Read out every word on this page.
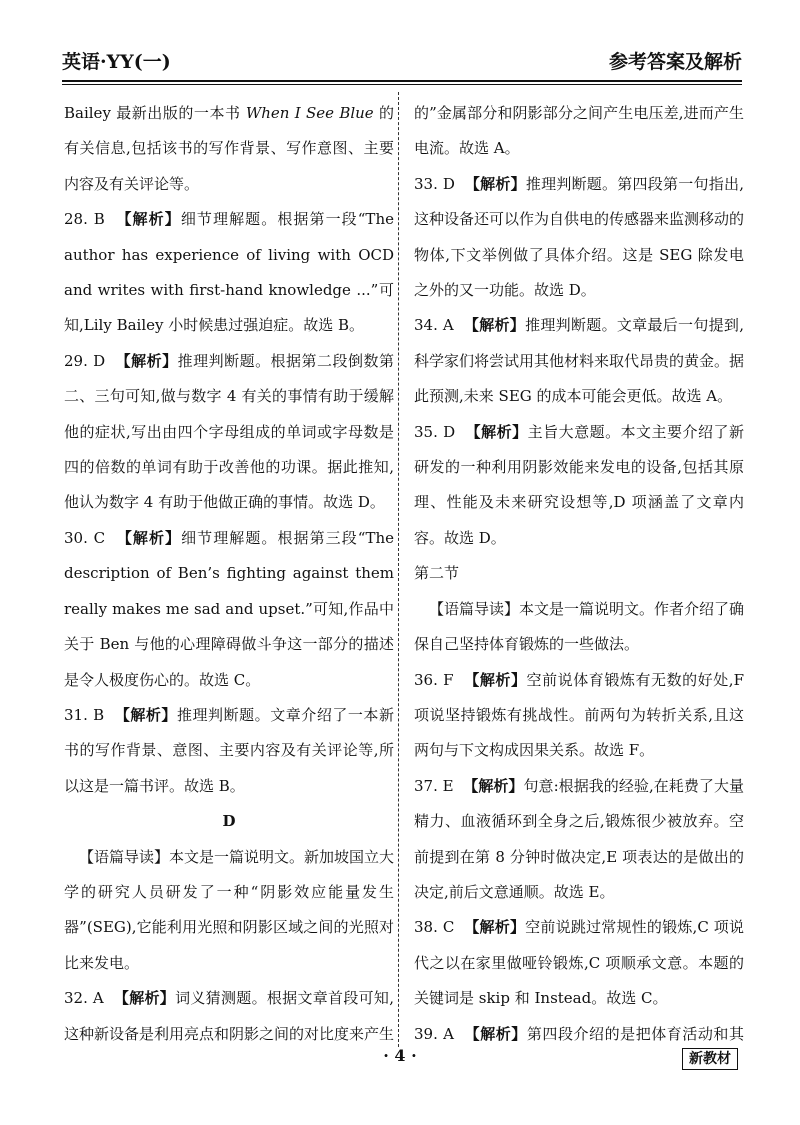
英语·YY(一)	参考答案及解析

Bailey 最新出版的一本书 When I See Blue 的有关信息,包括该书的写作背景、写作意图、主要内容及有关评论等。

28. B 【解析】细节理解题。根据第一段“The author has experience of living with OCD and writes with first-hand knowledge ...”可知,Lily Bailey 小时候患过强迫症。故选 B。

29. D 【解析】推理判断题。根据第二段倒数第二、三句可知,做与数字 4 有关的事情有助于缓解他的症状,写出由四个字母组成的单词或字母数是四的倍数的单词有助于改善他的功课。据此推知,他认为数字 4 有助于他做正确的事情。故选 D。

30. C 【解析】细节理解题。根据第三段“The description of Ben’s fighting against them really makes me sad and upset.”可知,作品中关于 Ben 与他的心理障碍做斗争这一部分的描述是令人极度伤心的。故选 C。

31. B 【解析】推理判断题。文章介绍了一本新书的写作背景、意图、主要内容及有关评论等,所以这是一篇书评。故选 B。

D

【语篇导读】本文是一篇说明文。新加坡国立大学的研究人员研发了一种“阴影效应能量发生器”(SEG),它能利用光照和阴影区域之间的光照对比来发电。

32. A 【解析】词义猜测题。根据文章首段可知,这种新设备是利用亮点和阴影之间的对比度来产生

的”金属部分和阴影部分之间产生电压差,进而产生电流。故选 A。

33. D 【解析】推理判断题。第四段第一句指出,这种设备还可以作为自供电的传感器来监测移动的物体,下文举例做了具体介绍。这是 SEG 除发电之外的又一功能。故选 D。

34. A 【解析】推理判断题。文章最后一句提到,科学家们将尝试用其他材料来取代昂贵的黄金。据此预测,未来 SEG 的成本可能会更低。故选 A。

35. D 【解析】主旨大意题。本文主要介绍了新研发的一种利用阴影效能来发电的设备,包括其原理、性能及未来研究设想等,D 项涵盖了文章内容。故选 D。

第二节

【语篇导读】本文是一篇说明文。作者介绍了确保自己坚持体育锻炼的一些做法。

36. F 【解析】空前说体育锻炼有无数的好处,F 项说坚持锻炼有挑战性。前两句为转折关系,且这两句与下文构成因果关系。故选 F。

37. E 【解析】句意:根据我的经验,在耗费了大量精力、血液循环到全身之后,锻炼很少被放弃。空前提到在第 8 分钟时做决定,E 项表达的是做出的决定,前后文意通顺。故选 E。

38. C 【解析】空前说跳过常规性的锻炼,C 项说代之以在家里做哑铃锻炼,C 项顺承文意。本题的关键词是 skip 和 Instead。故选 C。

39. A 【解析】第四段介绍的是把体育活动和其

· 4 ·	新教材
